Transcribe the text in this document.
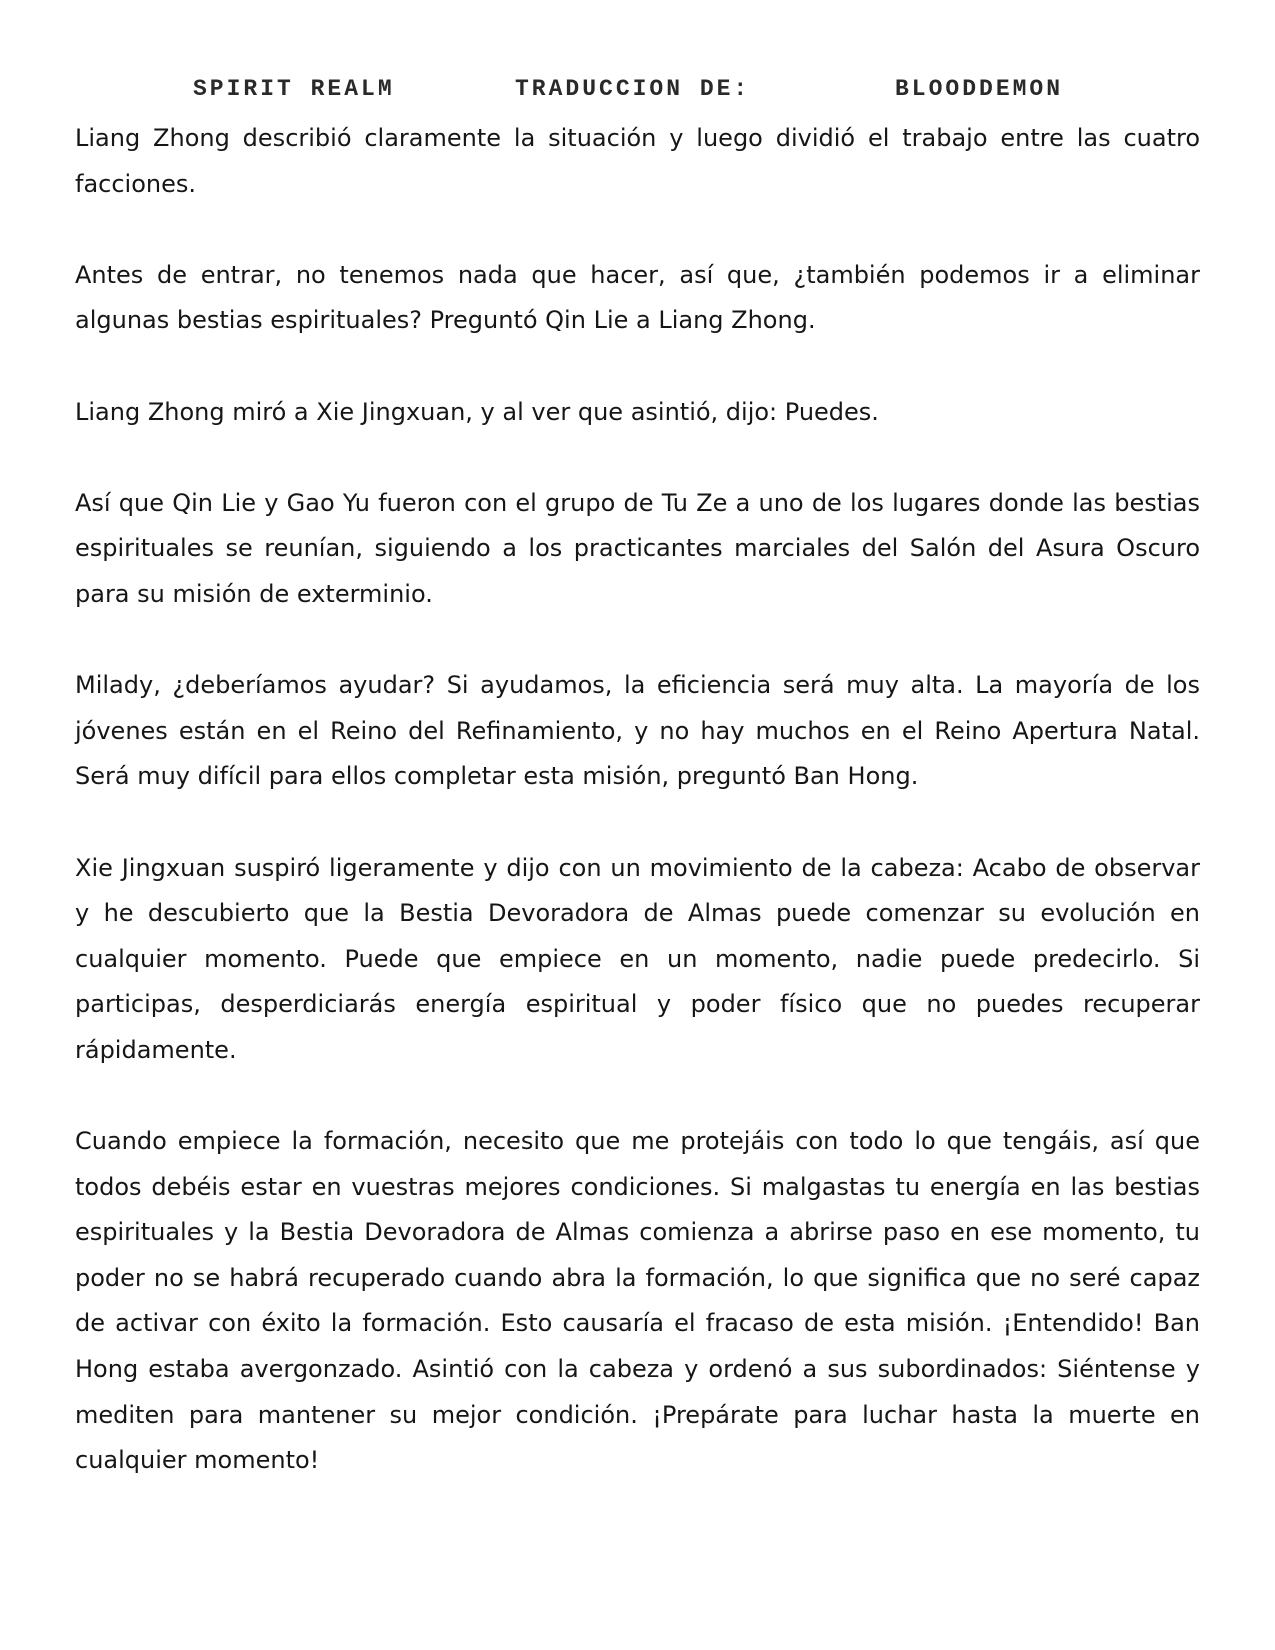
SPIRIT REALM	TRADUCCION DE:	BLOODDEMON

Liang Zhong describió claramente la situación y luego dividió el trabajo entre las cuatro facciones.

Antes de entrar, no tenemos nada que hacer, así que, ¿también podemos ir a eliminar algunas bestias espirituales? Preguntó Qin Lie a Liang Zhong.

Liang Zhong miró a Xie Jingxuan, y al ver que asintió, dijo: Puedes.

Así que Qin Lie y Gao Yu fueron con el grupo de Tu Ze a uno de los lugares donde las bestias espirituales se reunían, siguiendo a los practicantes marciales del Salón del Asura Oscuro para su misión de exterminio.

Milady, ¿deberíamos ayudar? Si ayudamos, la eficiencia será muy alta. La mayoría de los jóvenes están en el Reino del Refinamiento, y no hay muchos en el Reino Apertura Natal. Será muy difícil para ellos completar esta misión, preguntó Ban Hong.

Xie Jingxuan suspiró ligeramente y dijo con un movimiento de la cabeza: Acabo de observar y he descubierto que la Bestia Devoradora de Almas puede comenzar su evolución en cualquier momento. Puede que empiece en un momento, nadie puede predecirlo. Si participas, desperdiciarás energía espiritual y poder físico que no puedes recuperar rápidamente.

Cuando empiece la formación, necesito que me protejáis con todo lo que tengáis, así que todos debéis estar en vuestras mejores condiciones. Si malgastas tu energía en las bestias espirituales y la Bestia Devoradora de Almas comienza a abrirse paso en ese momento, tu poder no se habrá recuperado cuando abra la formación, lo que significa que no seré capaz de activar con éxito la formación. Esto causaría el fracaso de esta misión. ¡Entendido! Ban Hong estaba avergonzado. Asintió con la cabeza y ordenó a sus subordinados: Siéntense y mediten para mantener su mejor condición. ¡Prepárate para luchar hasta la muerte en cualquier momento!
